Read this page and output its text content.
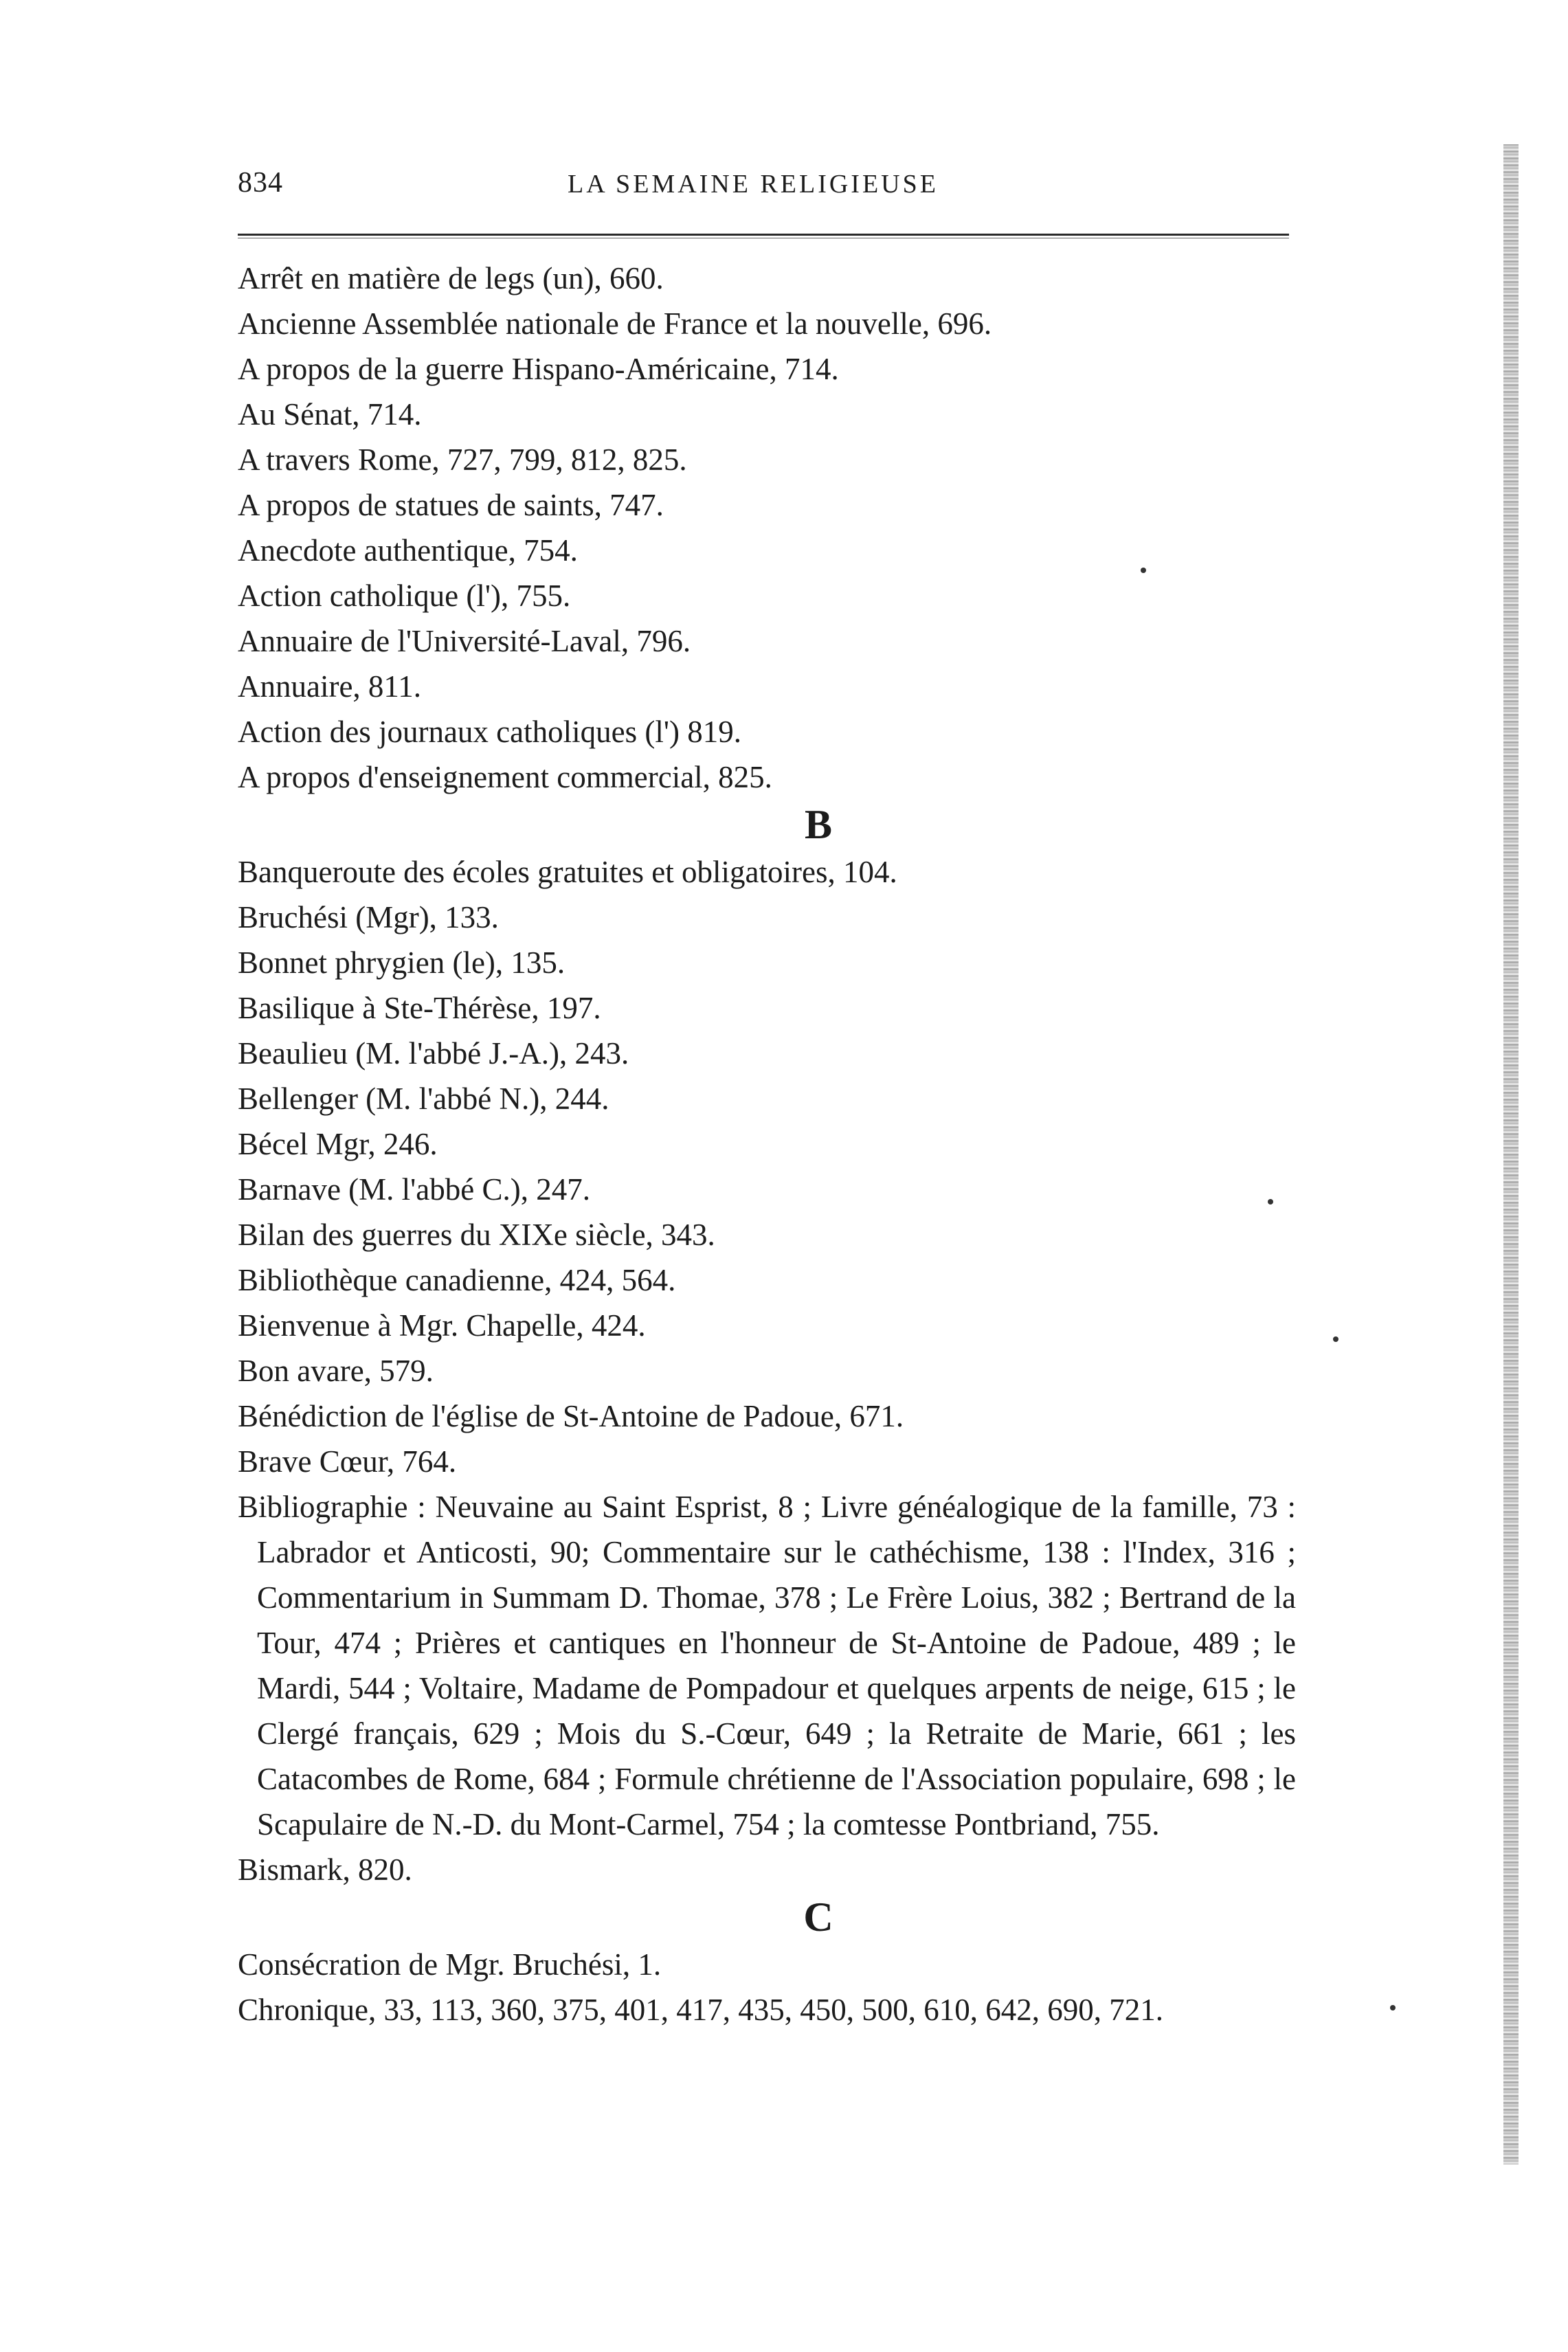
834	LA SEMAINE RELIGIEUSE

Arrêt en matière de legs (un), 660.

Ancienne Assemblée nationale de France et la nouvelle, 696.

A propos de la guerre Hispano-Américaine, 714.

Au Sénat, 714.

A travers Rome, 727, 799, 812, 825.

A propos de statues de saints, 747.

Anecdote authentique, 754.

Action catholique (l'), 755.

Annuaire de l'Université-Laval, 796.

Annuaire, 811.

Action des journaux catholiques (l') 819.

A propos d'enseignement commercial, 825.

B

Banqueroute des écoles gratuites et obligatoires, 104.

Bruchési (Mgr), 133.

Bonnet phrygien (le), 135.

Basilique à Ste-Thérèse, 197.

Beaulieu (M. l'abbé J.-A.), 243.

Bellenger (M. l'abbé N.), 244.

Bécel Mgr, 246.

Barnave (M. l'abbé C.), 247.

Bilan des guerres du XIXe siècle, 343.

Bibliothèque canadienne, 424, 564.

Bienvenue à Mgr. Chapelle, 424.

Bon avare, 579.

Bénédiction de l'église de St-Antoine de Padoue, 671.

Brave Cœur, 764.

Bibliographie : Neuvaine au Saint Esprist, 8 ; Livre généalogique de la famille, 73 : Labrador et Anticosti, 90; Commentaire sur le cathéchisme, 138 : l'Index, 316 ; Commentarium in Summam D. Thomae, 378 ; Le Frère Loius, 382 ; Bertrand de la Tour, 474 ; Prières et cantiques en l'honneur de St-Antoine de Padoue, 489 ; le Mardi, 544 ; Voltaire, Madame de Pompadour et quelques arpents de neige, 615 ; le Clergé français, 629 ; Mois du S.-Cœur, 649 ; la Retraite de Marie, 661 ; les Catacombes de Rome, 684 ; Formule chrétienne de l'Association populaire, 698 ; le Scapulaire de N.-D. du Mont-Carmel, 754 ; la comtesse Pontbriand, 755.

Bismark, 820.

C

Consécration de Mgr. Bruchési, 1.

Chronique, 33, 113, 360, 375, 401, 417, 435, 450, 500, 610, 642, 690, 721.
